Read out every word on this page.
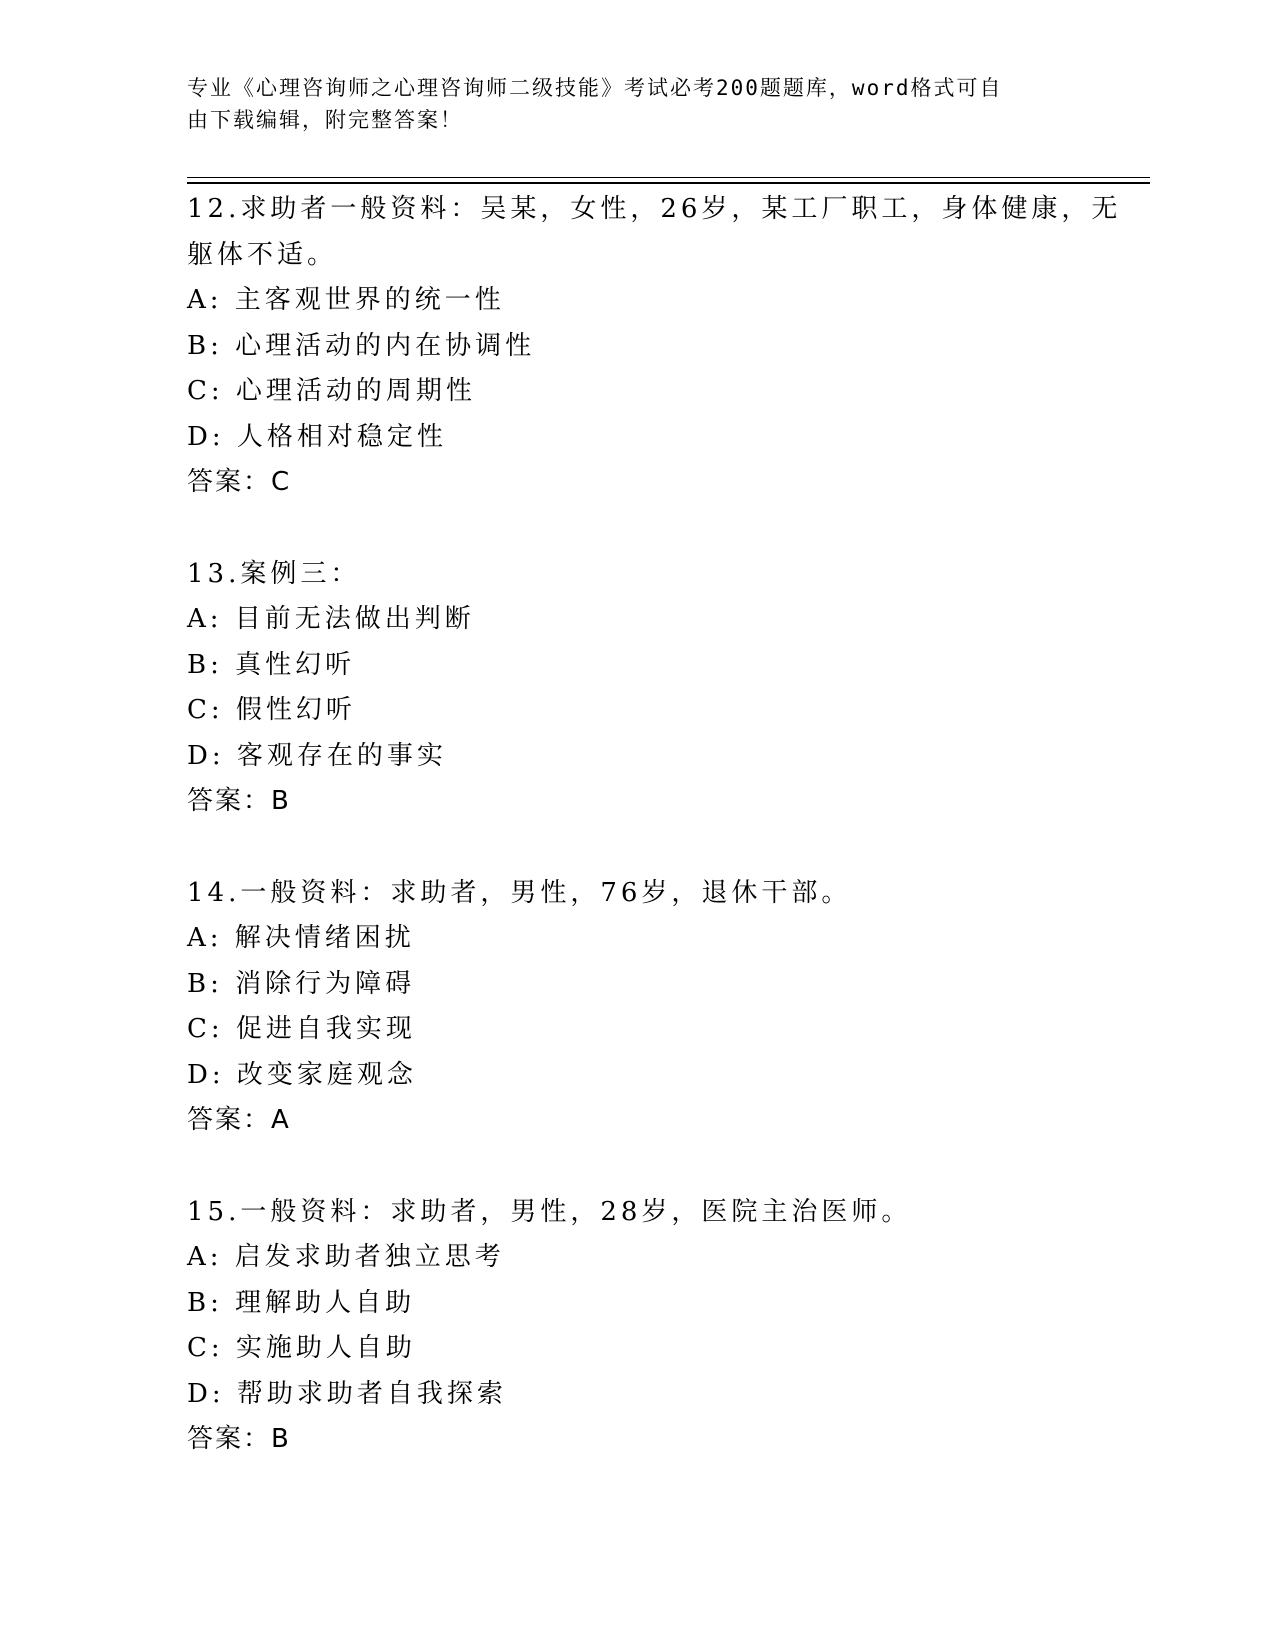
专业《心理咨询师之心理咨询师二级技能》考试必考200题题库，word格式可自
由下载编辑，附完整答案！
12.求助者一般资料：吴某，女性，26岁，某工厂职工，身体健康，无
躯体不适。
A: 主客观世界的统一性
B: 心理活动的内在协调性
C: 心理活动的周期性
D: 人格相对稳定性
答案：C
13.案例三：
A: 目前无法做出判断
B: 真性幻听
C: 假性幻听
D: 客观存在的事实
答案：B
14.一般资料：求助者，男性，76岁，退休干部。
A: 解决情绪困扰
B: 消除行为障碍
C: 促进自我实现
D: 改变家庭观念
答案：A
15.一般资料：求助者，男性，28岁，医院主治医师。
A: 启发求助者独立思考
B: 理解助人自助
C: 实施助人自助
D: 帮助求助者自我探索
答案：B
